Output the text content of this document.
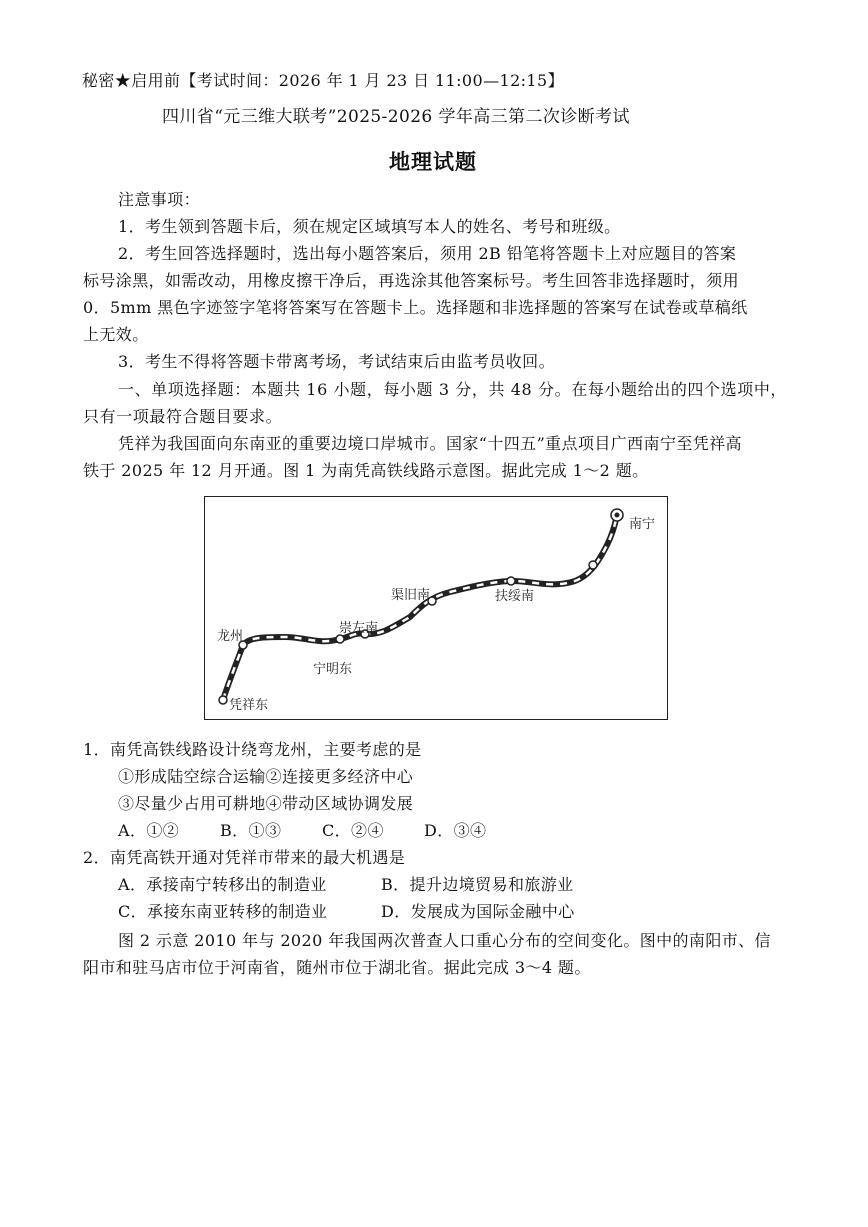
秘密★启用前【考试时间：2026 年 1 月 23 日 11:00—12:15】
四川省“元三维大联考”2025-2026 学年高三第二次诊断考试
地理试题
注意事项：
1．考生领到答题卡后，须在规定区域填写本人的姓名、考号和班级。
2．考生回答选择题时，选出每小题答案后，须用 2B 铅笔将答题卡上对应题目的答案
标号涂黑，如需改动，用橡皮擦干净后，再选涂其他答案标号。考生回答非选择题时，须用
0．5mm 黑色字迹签字笔将答案写在答题卡上。选择题和非选择题的答案写在试卷或草稿纸
上无效。
3．考生不得将答题卡带离考场，考试结束后由监考员收回。
一、单项选择题：本题共 16 小题，每小题 3 分，共 48 分。在每小题给出的四个选项中，
只有一项最符合题目要求。
凭祥为我国面向东南亚的重要边境口岸城市。国家“十四五”重点项目广西南宁至凭祥高
铁于 2025 年 12 月开通。图 1 为南凭高铁线路示意图。据此完成 1～2 题。
南宁
扶绥南
渠旧南
崇左南
宁明东
龙州
凭祥东
1．南凭高铁线路设计绕弯龙州，主要考虑的是
①形成陆空综合运输②连接更多经济中心
③尽量少占用可耕地④带动区域协调发展
A．①②	B．①③	C．②④	D．③④
2．南凭高铁开通对凭祥市带来的最大机遇是
A．承接南宁转移出的制造业	B．提升边境贸易和旅游业
C．承接东南亚转移的制造业	D．发展成为国际金融中心
图 2 示意 2010 年与 2020 年我国两次普查人口重心分布的空间变化。图中的南阳市、信
阳市和驻马店市位于河南省，随州市位于湖北省。据此完成 3～4 题。
